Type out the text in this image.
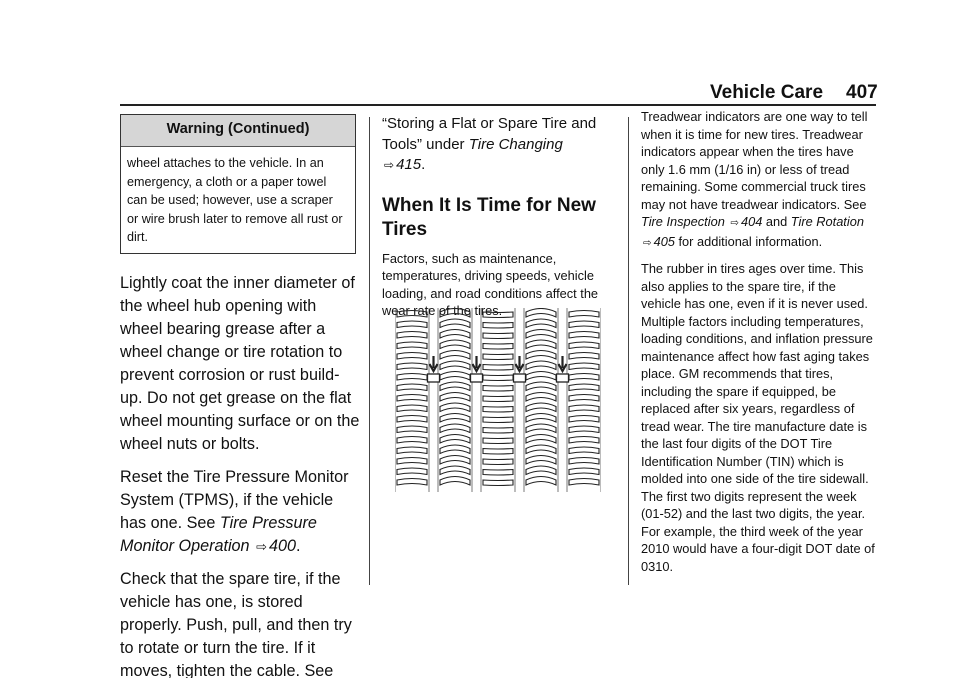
Vehicle Care 407
Warning (Continued)
wheel attaches to the vehicle. In an emergency, a cloth or a paper towel can be used; however, use a scraper or wire brush later to remove all rust or dirt.

Lightly coat the inner diameter of the wheel hub opening with wheel bearing grease after a wheel change or tire rotation to prevent corrosion or rust build-up. Do not get grease on the flat wheel mounting surface or on the wheel nuts or bolts.

Reset the Tire Pressure Monitor System (TPMS), if the vehicle has one. See Tire Pressure Monitor Operation ⇨ 400.

Check that the spare tire, if the vehicle has one, is stored properly. Push, pull, and then try to rotate or turn the tire. If it moves, tighten the cable. See

“Storing a Flat or Spare Tire and Tools” under Tire Changing
⇨ 415.

When It Is Time for New Tires

Factors, such as maintenance, temperatures, driving speeds, vehicle loading, and road conditions affect the wear rate of the tires.

Treadwear indicators are one way to tell when it is time for new tires. Treadwear indicators appear when the tires have only 1.6 mm (1/16 in) or less of tread remaining. Some commercial truck tires may not have treadwear indicators. See Tire Inspection ⇨ 404 and Tire Rotation ⇨ 405 for additional information.

The rubber in tires ages over time. This also applies to the spare tire, if the vehicle has one, even if it is never used. Multiple factors including temperatures, loading conditions, and inflation pressure maintenance affect how fast aging takes place. GM recommends that tires, including the spare if equipped, be replaced after six years, regardless of tread wear. The tire manufacture date is the last four digits of the DOT Tire Identification Number (TIN) which is molded into one side of the tire sidewall. The first two digits represent the week (01-52) and the last two digits, the year. For example, the third week of the year 2010 would have a four-digit DOT date of 0310.
